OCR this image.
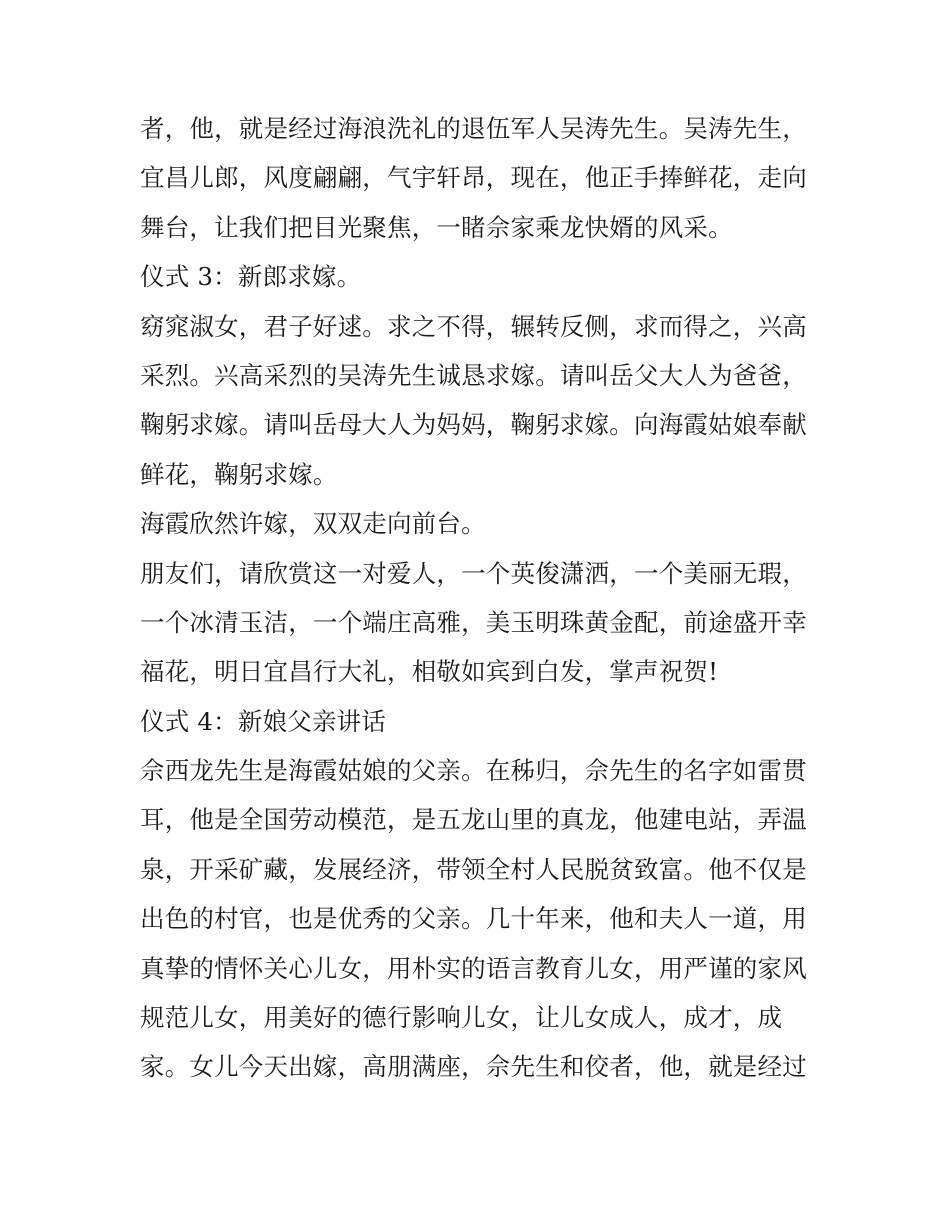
者，他，就是经过海浪洗礼的退伍军人吴涛先生。吴涛先生，
宜昌儿郎，风度翩翩，气宇轩昂，现在，他正手捧鲜花，走向
舞台，让我们把目光聚焦，一睹佘家乘龙快婿的风采。
仪式 3：新郎求嫁。
窈窕淑女，君子好逑。求之不得，辗转反侧，求而得之，兴高
采烈。兴高采烈的吴涛先生诚恳求嫁。请叫岳父大人为爸爸，
鞠躬求嫁。请叫岳母大人为妈妈，鞠躬求嫁。向海霞姑娘奉献
鲜花，鞠躬求嫁。
海霞欣然许嫁，双双走向前台。
朋友们，请欣赏这一对爱人，一个英俊潇洒，一个美丽无瑕，
一个冰清玉洁，一个端庄高雅，美玉明珠黄金配，前途盛开幸
福花，明日宜昌行大礼，相敬如宾到白发，掌声祝贺!
仪式 4：新娘父亲讲话
佘西龙先生是海霞姑娘的父亲。在秭归，佘先生的名字如雷贯
耳，他是全国劳动模范，是五龙山里的真龙，他建电站，弄温
泉，开采矿藏，发展经济，带领全村人民脱贫致富。他不仅是
出色的村官，也是优秀的父亲。几十年来，他和夫人一道，用
真挚的情怀关心儿女，用朴实的语言教育儿女，用严谨的家风
规范儿女，用美好的德行影响儿女，让儿女成人，成才，成
家。女儿今天出嫁，高朋满座，佘先生和佼者，他，就是经过
